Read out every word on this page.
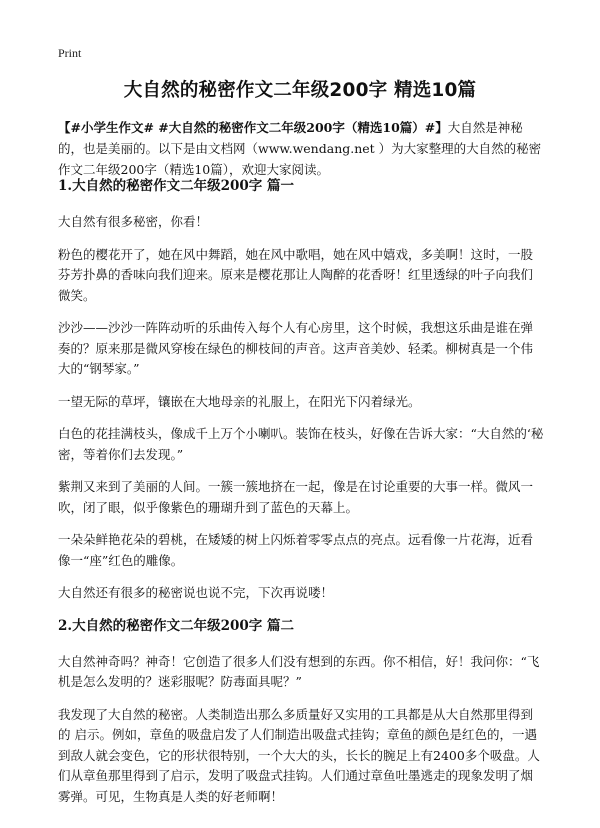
Print
大自然的秘密作文二年级200字 精选10篇
【#小学生作文# #大自然的秘密作文二年级200字（精选10篇）#】大自然是神秘的，也是美丽的。以下是由文档网（www.wendang.net ）为大家整理的大自然的秘密作文二年级200字（精选10篇），欢迎大家阅读。
1.大自然的秘密作文二年级200字 篇一

大自然有很多秘密，你看！

粉色的樱花开了，她在风中舞蹈，她在风中歌唱，她在风中嬉戏，多美啊！这时，一股芬芳扑鼻的香味向我们迎来。原来是樱花那让人陶醉的花香呀！红里透绿的叶子向我们微笑。

沙沙——沙沙一阵阵动听的乐曲传入每个人有心房里，这个时候，我想这乐曲是谁在弹奏的？原来那是微风穿梭在绿色的柳枝间的声音。这声音美妙、轻柔。柳树真是一个伟大的“钢琴家。”

一望无际的草坪，镶嵌在大地母亲的礼服上，在阳光下闪着绿光。

白色的花挂满枝头，像成千上万个小喇叭。装饰在枝头，好像在告诉大家：“大自然的‘秘密，等着你们去发现。”

紫荆又来到了美丽的人间。一簇一簇地挤在一起，像是在讨论重要的大事一样。微风一吹，闭了眼，似乎像紫色的珊瑚升到了蓝色的天幕上。

一朵朵鲜艳花朵的碧桃，在矮矮的树上闪烁着零零点点的亮点。远看像一片花海，近看像一“座”红色的雕像。

大自然还有很多的秘密说也说不完，下次再说喽！

2.大自然的秘密作文二年级200字 篇二

大自然神奇吗？神奇！它创造了很多人们没有想到的东西。你不相信，好！我问你：“飞机是怎么发明的？迷彩服呢？防毒面具呢？”

我发现了大自然的秘密。人类制造出那么多质量好又实用的工具都是从大自然那里得到的 启示。例如，章鱼的吸盘启发了人们制造出吸盘式挂钩；章鱼的颜色是红色的，一遇到敌人就会变色，它的形状很特别，一个大大的头，长长的腕足上有2400多个吸盘。人们从章鱼那里得到了启示，发明了吸盘式挂钩。人们通过章鱼吐墨逃走的现象发明了烟雾弹。可见，生物真是人类的好老师啊！
